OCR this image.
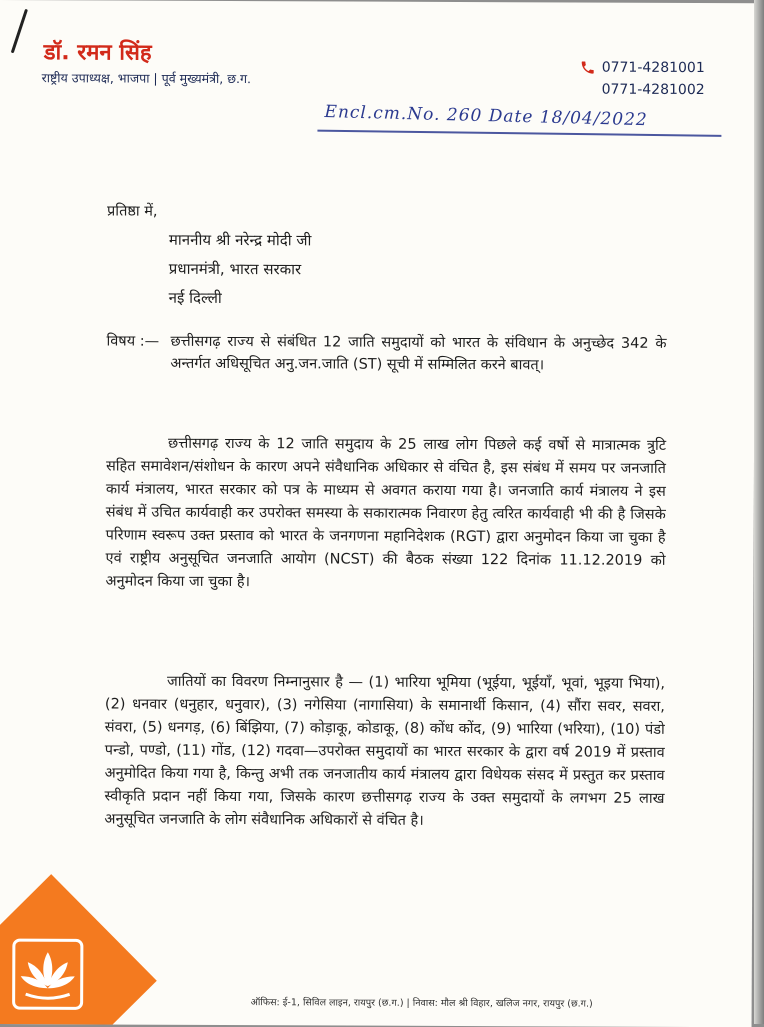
डॉ. रमन सिंह

राष्ट्रीय उपाध्यक्ष, भाजपा | पूर्व मुख्यमंत्री, छ.ग.

0771-4281001
0771-4281002

Encl.cm.No. 260 Date 18/04/2022

प्रतिष्ठा में,

माननीय श्री नरेन्द्र मोदी जी
प्रधानमंत्री, भारत सरकार
नई दिल्ली
विषय :— छत्तीसगढ़ राज्य से संबंधित 12 जाति समुदायों को भारत के संविधान के अनुच्छेद 342 के अन्तर्गत अधिसूचित अनु.जन.जाति (ST) सूची में सम्मिलित करने बावत्।

छत्तीसगढ़ राज्य के 12 जाति समुदाय के 25 लाख लोग पिछले कई वर्षो से मात्रात्मक त्रुटि सहित समावेशन/संशोधन के कारण अपने संवैधानिक अधिकार से वंचित है, इस संबंध में समय पर जनजाति कार्य मंत्रालय, भारत सरकार को पत्र के माध्यम से अवगत कराया गया है। जनजाति कार्य मंत्रालय ने इस संबंध में उचित कार्यवाही कर उपरोक्त समस्या के सकारात्मक निवारण हेतु त्वरित कार्यवाही भी की है जिसके परिणाम स्वरूप उक्त प्रस्ताव को भारत के जनगणना महानिदेशक (RGT) द्वारा अनुमोदन किया जा चुका है एवं राष्ट्रीय अनुसूचित जनजाति आयोग (NCST) की बैठक संख्या 122 दिनांक 11.12.2019 को अनुमोदन किया जा चुका है।

जातियों का विवरण निम्नानुसार है — (1) भारिया भूमिया (भूईया, भूईयाँ, भूवां, भूइया भिया), (2) धनवार (धनुहार, धनुवार), (3) नगेसिया (नागासिया) के समानार्थी किसान, (4) सौंरा सवर, सवरा, संवरा, (5) धनगड़, (6) बिंझिया, (7) कोड़ाकू, कोडाकू, (8) कोंध कोंद, (9) भारिया (भरिया), (10) पंडो पन्डो, पण्डो, (11) गोंड, (12) गदवा—उपरोक्त समुदायों का भारत सरकार के द्वारा वर्ष 2019 में प्रस्ताव अनुमोदित किया गया है, किन्तु अभी तक जनजातीय कार्य मंत्रालय द्वारा विधेयक संसद में प्रस्तुत कर प्रस्ताव स्वीकृति प्रदान नहीं किया गया, जिसके कारण छत्तीसगढ़ राज्य के उक्त समुदायों के लगभग 25 लाख अनुसूचित जनजाति के लोग संवैधानिक अधिकारों से वंचित है।

ऑफिस: ई-1, सिविल लाइन, रायपुर (छ.ग.) | निवास: मौल श्री विहार, खलिज नगर, रायपुर (छ.ग.)
